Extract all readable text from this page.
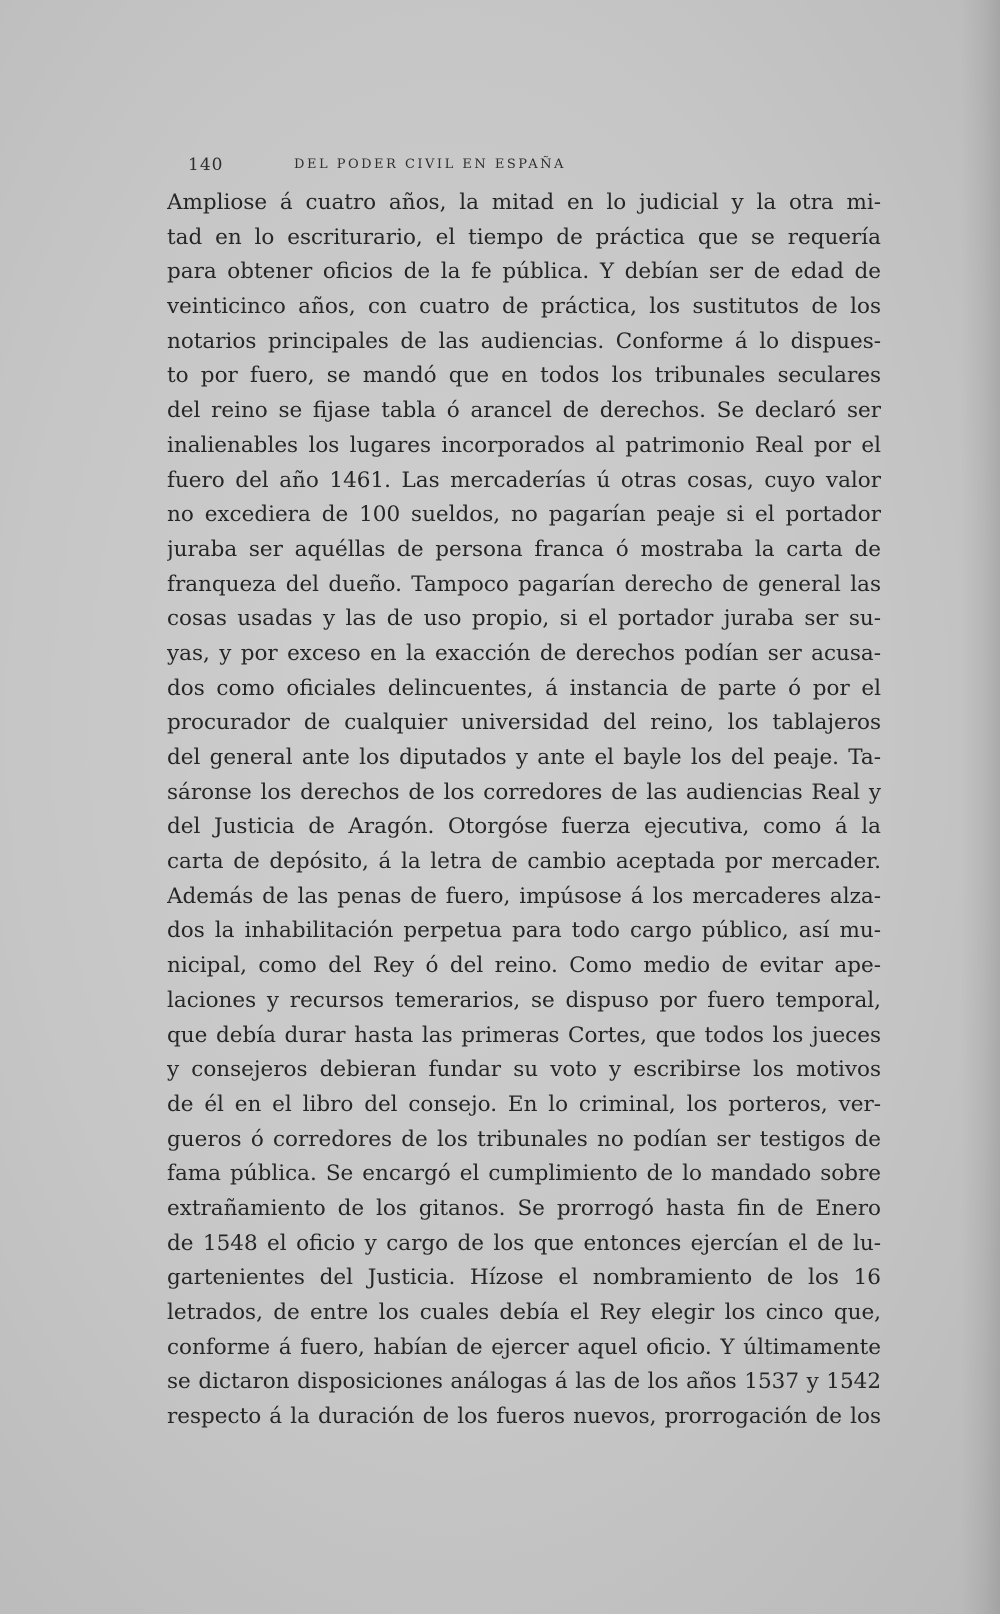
140	DEL PODER CIVIL EN ESPAÑA
Ampliose á cuatro años, la mitad en lo judicial y la otra mi-
tad en lo escriturario, el tiempo de práctica que se requería
para obtener oficios de la fe pública. Y debían ser de edad de
veinticinco años, con cuatro de práctica, los sustitutos de los
notarios principales de las audiencias. Conforme á lo dispues-
to por fuero, se mandó que en todos los tribunales seculares
del reino se fijase tabla ó arancel de derechos. Se declaró ser
inalienables los lugares incorporados al patrimonio Real por el
fuero del año 1461. Las mercaderías ú otras cosas, cuyo valor
no excediera de 100 sueldos, no pagarían peaje si el portador
juraba ser aquéllas de persona franca ó mostraba la carta de
franqueza del dueño. Tampoco pagarían derecho de general las
cosas usadas y las de uso propio, si el portador juraba ser su-
yas, y por exceso en la exacción de derechos podían ser acusa-
dos como oficiales delincuentes, á instancia de parte ó por el
procurador de cualquier universidad del reino, los tablajeros
del general ante los diputados y ante el bayle los del peaje. Ta-
sáronse los derechos de los corredores de las audiencias Real y
del Justicia de Aragón. Otorgóse fuerza ejecutiva, como á la
carta de depósito, á la letra de cambio aceptada por mercader.
Además de las penas de fuero, impúsose á los mercaderes alza-
dos la inhabilitación perpetua para todo cargo público, así mu-
nicipal, como del Rey ó del reino. Como medio de evitar ape-
laciones y recursos temerarios, se dispuso por fuero temporal,
que debía durar hasta las primeras Cortes, que todos los jueces
y consejeros debieran fundar su voto y escribirse los motivos
de él en el libro del consejo. En lo criminal, los porteros, ver-
gueros ó corredores de los tribunales no podían ser testigos de
fama pública. Se encargó el cumplimiento de lo mandado sobre
extrañamiento de los gitanos. Se prorrogó hasta fin de Enero
de 1548 el oficio y cargo de los que entonces ejercían el de lu-
gartenientes del Justicia. Hízose el nombramiento de los 16
letrados, de entre los cuales debía el Rey elegir los cinco que,
conforme á fuero, habían de ejercer aquel oficio. Y últimamente
se dictaron disposiciones análogas á las de los años 1537 y 1542
respecto á la duración de los fueros nuevos, prorrogación de los
